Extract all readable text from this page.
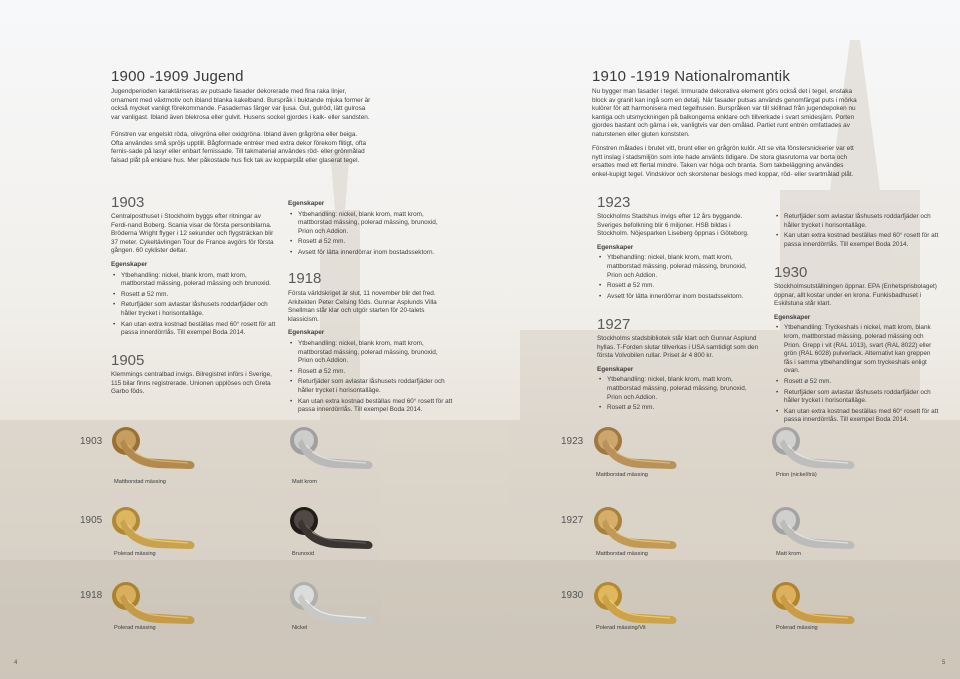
1900 -1909 Jugend
Jugendperioden karaktäriseras av putsade fasader dekorerade med fina raka linjer, ornament med växtmotiv och ibland blanka kakelband. Burspråk i buktande mjuka former är också mycket vanligt förekommande. Fasadernas färger var ljusa. Gul, gulröd, lätt gulrosa var vanligast. Ibland även blekrosa eller gulvit. Husens sockel gjordes i kalk- eller sandsten.
Fönstren var engelskt röda, olivgröna eller oxidgröna. Ibland även grågröna eller beiga. Ofta användes små spröjs upptill. Bågformade entréer med extra dekor förekom flitigt, ofta fernis-sade på lasyr eller enbart fernissade. Till takmaterial användes röd- eller grönmålad falsad plåt på enklare hus. Mer påkostade hus fick tak av kopparplåt eller glaserat tegel.
1903
Centralposthuset i Stockholm byggs efter ritningar av Ferdi-nand Boberg. Scania visar de första personbilarna. Bröderna Wright flyger i 12 sekunder och flygsträckan blir 37 meter. Cykeltävlingen Tour de France avgörs för första gången. 60 cyklister deltar.
Egenskaper
• Ytbehandling: nickel, blank krom, matt krom, mattborstad mässing, polerad mässing och brunoxid.
• Rosett ø 52 mm.
• Returfjäder som avlastar låshusets roddarfjäder och håller trycket i horisontalläge.
• Kan utan extra kostnad beställas med 60° rosett för att passa innerdörrlås. Till exempel Boda 2014.
1905
Klemmings centralbad invigs. Bilregistret införs i Sverige, 115 bilar finns registrerade. Unionen upplöses och Greta Garbo föds.
Egenskaper
• Ytbehandling: nickel, blank krom, matt krom, mattborstad mässing, polerad mässing, brunoxid, Prion och Addion.
• Rosett ø 52 mm.
• Avsett för lätta innerdörrar inom bostadssektorn.
1918
Första världskriget är slut, 11 november blir det fred. Arkitekten Peter Celsing föds. Gunnar Asplunds Villa Snellman står klar och utgör starten för 20-talets klassicism.
Egenskaper
• Ytbehandling: nickel, blank krom, matt krom, mattborstad mässing, polerad mässing, brunoxid, Prion och Addion.
• Rosett ø 52 mm.
• Returfjäder som avlastar låshusets roddarfjäder och håller trycket i horisontalläge.
• Kan utan extra kostnad beställas med 60° rosett för att passa innerdörrlås. Till exempel Boda 2014.
1903
1905
1918
Mattborstad mässing	Matt krom
Polerad mässing	Brunoxid
Polerad mässing	Nickel
4
1910 -1919 Nationalromantik
Nu bygger man fasader i tegel. Inmurade dekorativa element görs också det i tegel, enstaka block av granit kan ingå som en detalj. När fasader putsas används genomfärgat puts i mörka kulörer för att harmonisera med tegelhusen. Burspråken var till skillnad från jugendepoken nu kantiga och utsmyckningen på balkongerna enklare och tillverkade i svart smidesjärn. Porten gjordes bastant och gärna i ek, vanligtvis var den omålad. Partiet runt entrén omfattades av naturstenen eller gjuten konststen.
Fönstren målades i brutet vitt, brunt eller en grågrön kulör. Att se vita fönstersnickerier var ett nytt inslag i stadsmiljön som inte hade använts tidigare. De stora glasrutorna var borta och ersattes med ett flertal mindre. Taken var höga och branta. Som takbeläggning användes enkel-kupigt tegel. Vindskivor och skorstenar beslogs med koppar, röd- eller svartmålad plåt.
1923
Stockholms Stadshus invigs efter 12 års byggande. Sveriges befolkning blir 6 miljoner. HSB bildas i Stockholm. Nöjesparken Liseberg öppnas i Göteborg.
Egenskaper
• Ytbehandling: nickel, blank krom, matt krom, mattborstad mässing, polerad mässing, brunoxid, Prion och Addion.
• Rosett ø 52 mm.
• Avsett för lätta innerdörrar inom bostadssektorn.
1927
Stockholms stadsbibliotek står klart och Gunnar Asplund hyllas. T-Forden slutar tillverkas i USA samtidigt som den första Volvobilen rullar. Priset är 4 800 kr.
Egenskaper
• Ytbehandling: nickel, blank krom, matt krom, mattborstad mässing, polerad mässing, brunoxid, Prion och Addion.
• Rosett ø 52 mm.
• Returfjäder som avlastar låshusets roddarfjäder och håller trycket i horisontalläge.
• Kan utan extra kostnad beställas med 60° rosett för att passa innerdörrlås. Till exempel Boda 2014.
1930
Stockholmsutställningen öppnar. EPA (Enhetsprisbolaget) öppnar, allt kostar under en krona. Funkisbadhuset i Eskilstuna står klart.
Egenskaper
• Ytbehandling: Tryckeshals i nickel, matt krom, blank krom, mattborstad mässing, polerad mässing och Prion. Grepp i vit (RAL 1013), svart (RAL 8022) eller grön (RAL 6028) pulverlack. Alternativt kan greppen fås i samma ytbehandlingar som tryckeshals enligt ovan.
• Rosett ø 52 mm.
• Returfjäder som avlastar låshusets roddarfjäder och håller trycket i horisontalläge.
• Kan utan extra kostnad beställas med 60° rosett för att passa innerdörrlås. Till exempel Boda 2014.
1923
1927
1930
Mattborstad mässing	Prion (nickel/trä)
Mattborstad mässing	Matt krom
Polerad mässing/Vit	Polerad mässing
5
